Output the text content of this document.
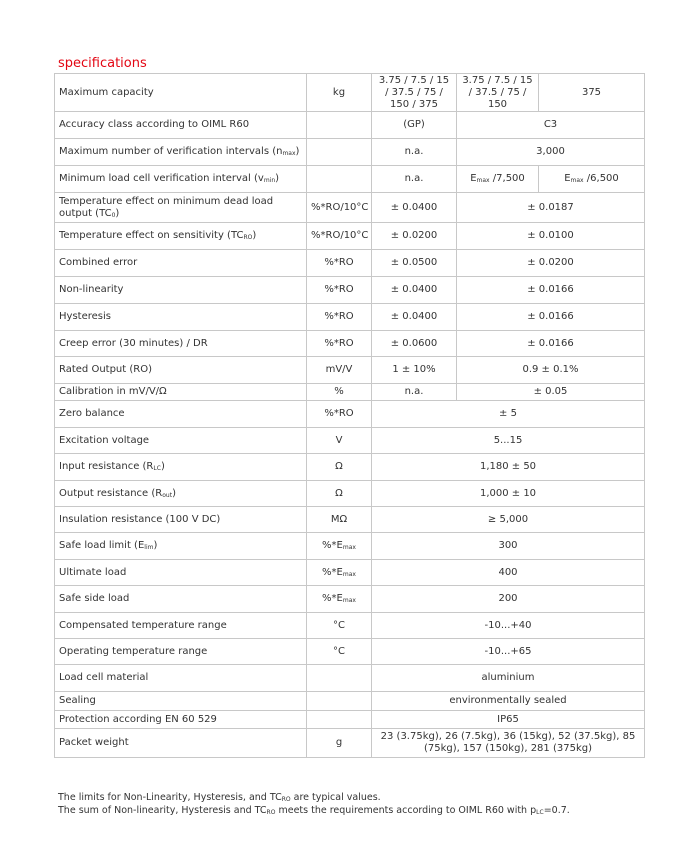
specifications
Maximum capacity	kg	3.75 / 7.5 / 15 / 37.5 / 75 / 150 / 375	3.75 / 7.5 / 15 / 37.5 / 75 / 150	375
Accuracy class according to OIML R60		(GP)	C3	
Maximum number of verification intervals $(n_{max})$		n.a.	3,000	
Minimum load cell verification interval $(v_{min})$		n.a.	$E_{max}$ /7,500	$E_{max}$ /6,500
Temperature effect on minimum dead load output $(TC_0)$	%*RO/10°C	± 0.0400	± 0.0187	
Temperature effect on sensitivity $(TC_{RO})$	%*RO/10°C	± 0.0200	± 0.0100	
Combined error	%*RO	± 0.0500	± 0.0200	
Non-linearity	%*RO	± 0.0400	± 0.0166	
Hysteresis	%*RO	± 0.0400	± 0.0166	
Creep error (30 minutes) / DR	%*RO	± 0.0600	± 0.0166	
Rated Output (RO)	mV/V	1 ± 10%	0.9 ± 0.1%	
Calibration in mV/V/Ω	%	n.a.	± 0.05	
Zero balance	%*RO	± 5		
Excitation voltage	V	5...15		
Input resistance $(R_{LC})$	Ω	1,180 ± 50		
Output resistance $(R_{out})$	Ω	1,000 ± 10		
Insulation resistance (100 V DC)	MΩ	≥ 5,000		
Safe load limit $(E_{lim})$	$\%*E_{max}$	300		
Ultimate load	$\%*E_{max}$	400		
Safe side load	$\%*E_{max}$	200		
Compensated temperature range	°C	-10...+40		
Operating temperature range	°C	-10...+65		
Load cell material		aluminium		
Sealing		environmentally sealed		
Protection according EN 60 529		IP65		
Packet weight	g	23 (3.75kg), 26 (7.5kg), 36 (15kg), 52 (37.5kg), 85 (75kg), 157 (150kg), 281 (375kg)		
The limits for Non-Linearity, Hysteresis, and $TC_{RO}$ are typical values.
The sum of Non-linearity, Hysteresis and $TC_{RO}$ meets the requirements according to OIML R60 with $p_{LC}=0.7$.
